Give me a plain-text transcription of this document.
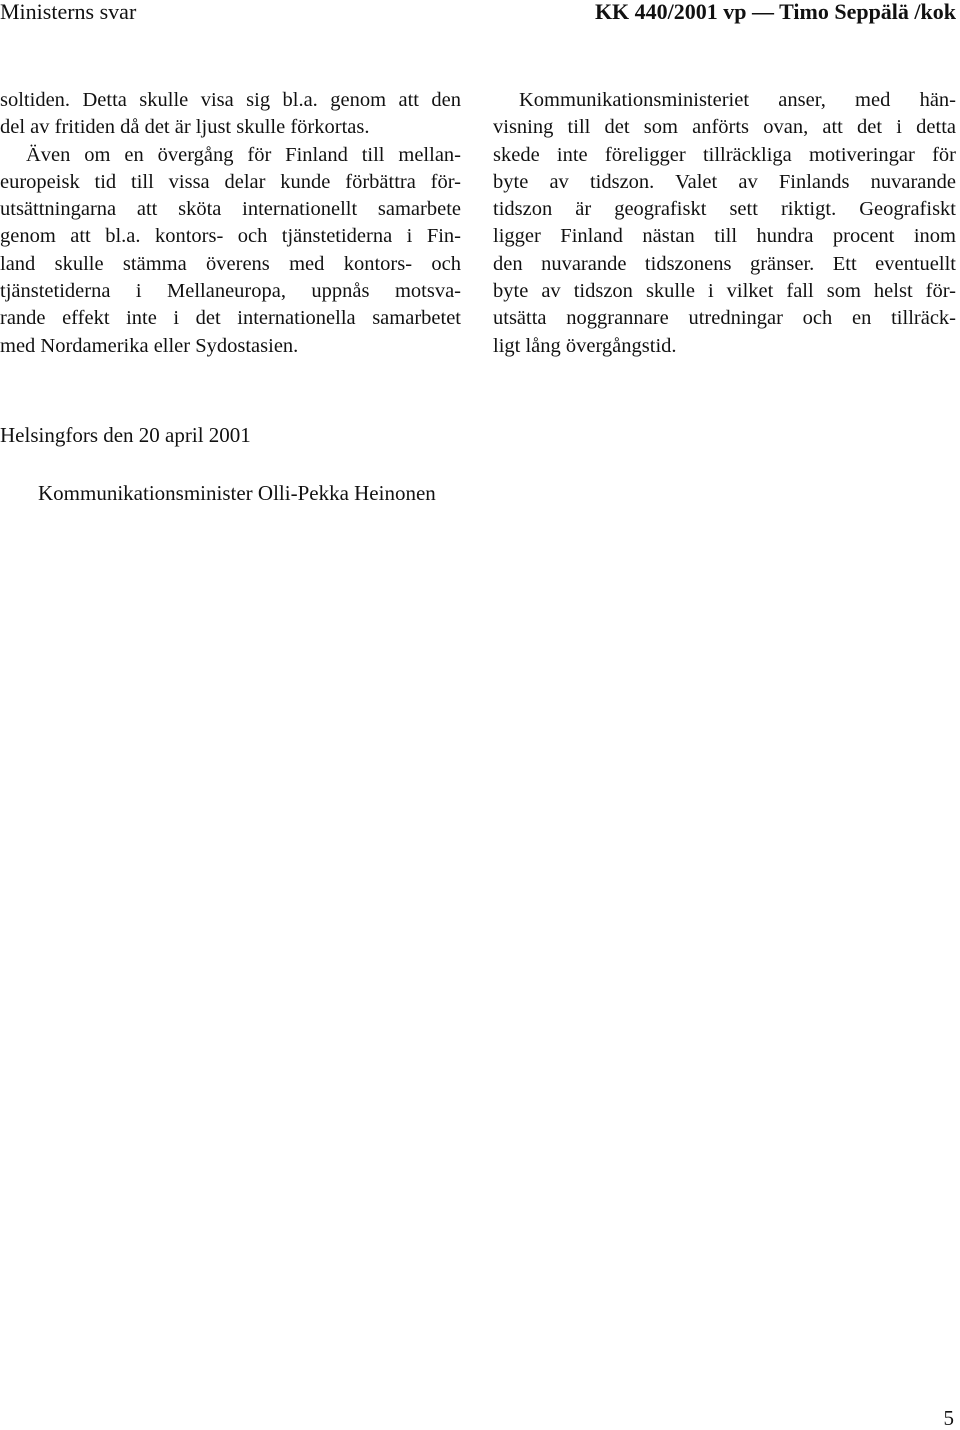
Ministerns svar	KK 440/2001 vp — Timo Seppälä /kok
soltiden. Detta skulle visa sig bl.a. genom att den
del av fritiden då det är ljust skulle förkortas.
Även om en övergång för Finland till mellan-
europeisk tid till vissa delar kunde förbättra för-
utsättningarna att sköta internationellt samarbete
genom att bl.a. kontors- och tjänstetiderna i Fin-
land skulle stämma överens med kontors- och
tjänstetiderna i Mellaneuropa, uppnås motsva-
rande effekt inte i det internationella samarbetet
med Nordamerika eller Sydostasien.
Kommunikationsministeriet anser, med hän-
visning till det som anförts ovan, att det i detta
skede inte föreligger tillräckliga motiveringar för
byte av tidszon. Valet av Finlands nuvarande
tidszon är geografiskt sett riktigt. Geografiskt
ligger Finland nästan till hundra procent inom
den nuvarande tidszonens gränser. Ett eventuellt
byte av tidszon skulle i vilket fall som helst för-
utsätta noggrannare utredningar och en tillräck-
ligt lång övergångstid.
Helsingfors den 20 april 2001
Kommunikationsminister Olli-Pekka Heinonen
5
